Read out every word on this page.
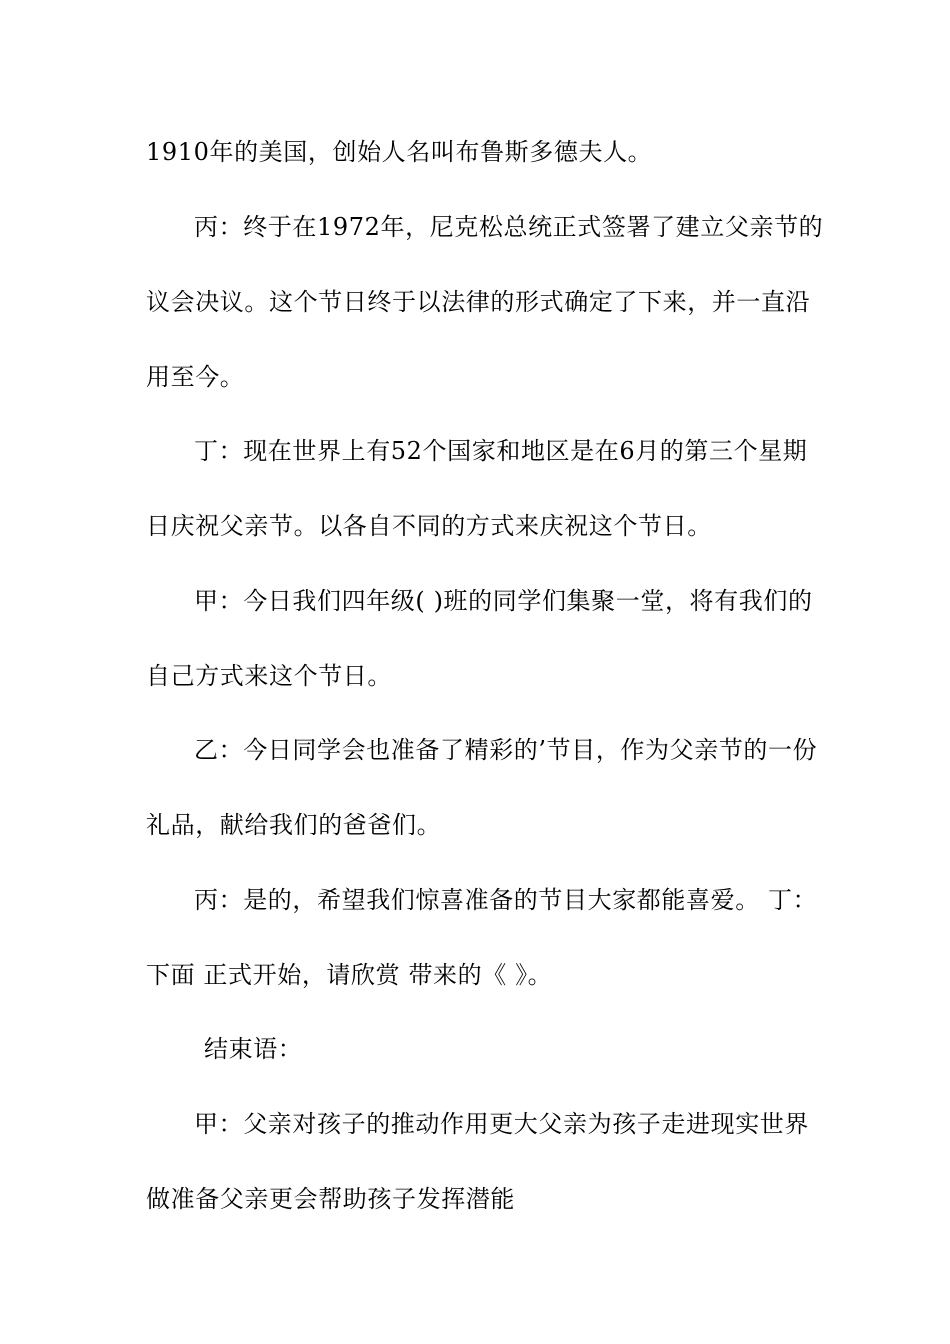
1910年的美国，创始人名叫布鲁斯多德夫人。
丙：终于在1972年，尼克松总统正式签署了建立父亲节的
议会决议。这个节日终于以法律的形式确定了下来，并一直沿
用至今。
丁：现在世界上有52个国家和地区是在6月的第三个星期
日庆祝父亲节。以各自不同的方式来庆祝这个节日。
甲：今日我们四年级( )班的同学们集聚一堂，将有我们的
自己方式来这个节日。
乙：今日同学会也准备了精彩的’节目，作为父亲节的一份
礼品，献给我们的爸爸们。
丙：是的，希望我们惊喜准备的节目大家都能喜爱。 丁：
下面 正式开始，请欣赏 带来的《 》。
结束语：
甲：父亲对孩子的推动作用更大父亲为孩子走进现实世界
做准备父亲更会帮助孩子发挥潜能
